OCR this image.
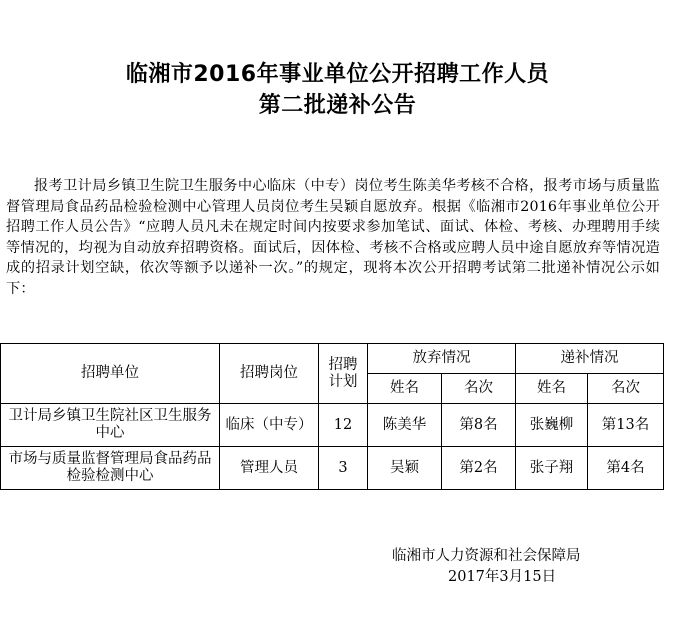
临湘市2016年事业单位公开招聘工作人员
第二批递补公告
报考卫计局乡镇卫生院卫生服务中心临床（中专）岗位考生陈美华考核不合格，报考市场与质量监督管理局食品药品检验检测中心管理人员岗位考生吴颖自愿放弃。根据《临湘市2016年事业单位公开招聘工作人员公告》“应聘人员凡未在规定时间内按要求参加笔试、面试、体检、考核、办理聘用手续等情况的，均视为自动放弃招聘资格。面试后，因体检、考核不合格或应聘人员中途自愿放弃等情况造成的招录计划空缺，依次等额予以递补一次。”的规定，现将本次公开招聘考试第二批递补情况公示如下：
招聘单位	招聘岗位	招聘计划	放弃情况		递补情况	
			姓名	名次	姓名	名次
卫计局乡镇卫生院社区卫生服务中心	临床（中专）	12	陈美华	第8名	张巍柳	第13名
市场与质量监督管理局食品药品检验检测中心	管理人员	3	吴颖	第2名	张子翔	第4名
临湘市人力资源和社会保障局
2017年3月15日
